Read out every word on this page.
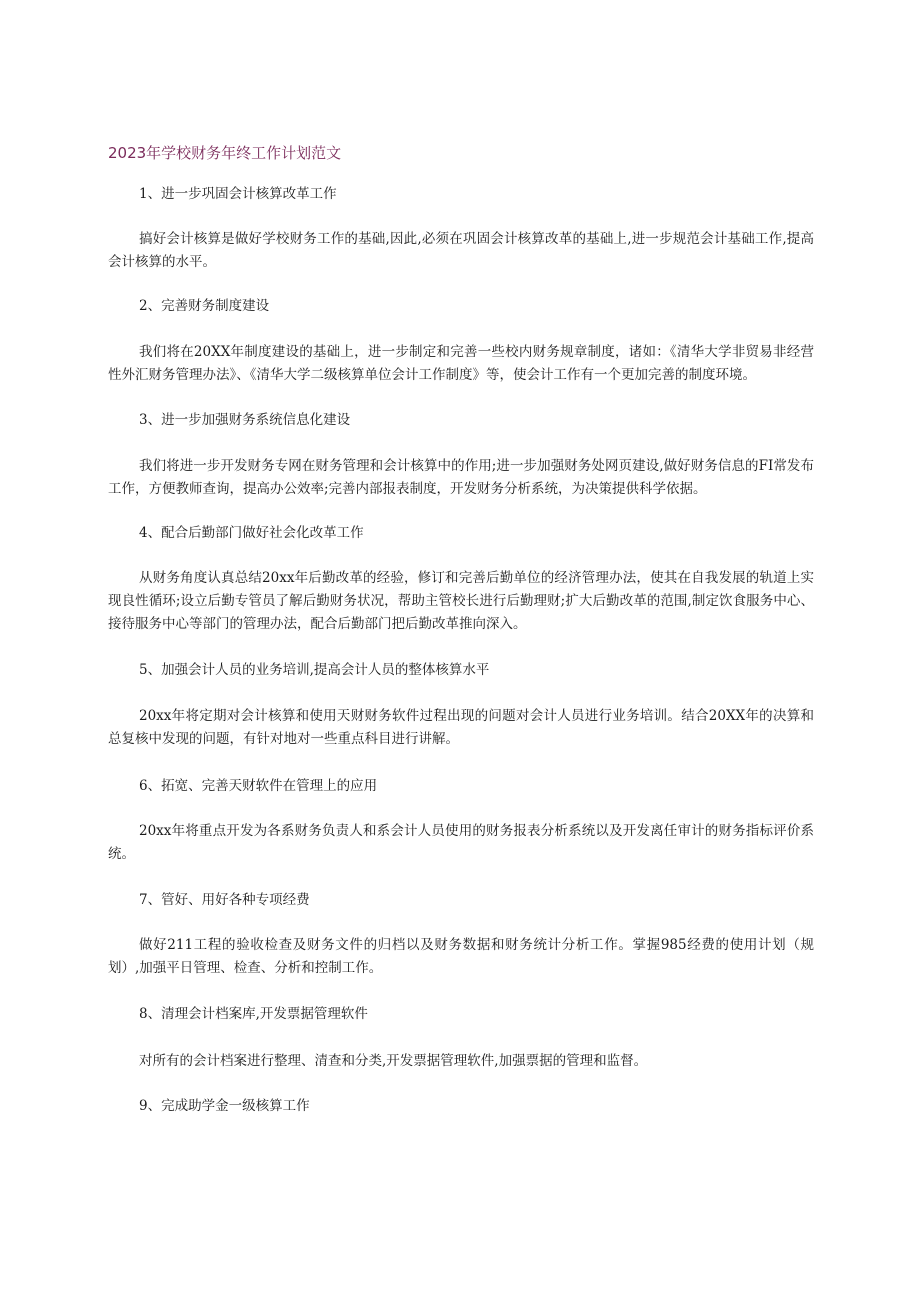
2023年学校财务年终工作计划范文
1、进一步巩固会计核算改革工作

搞好会计核算是做好学校财务工作的基础,因此,必须在巩固会计核算改革的基础上,进一步规范会计基础工作,提高会计核算的水平。

2、完善财务制度建设

我们将在20XX年制度建设的基础上，进一步制定和完善一些校内财务规章制度，诸如：《清华大学非贸易非经营性外汇财务管理办法》、《清华大学二级核算单位会计工作制度》等，使会计工作有一个更加完善的制度环境。

3、进一步加强财务系统信息化建设

我们将进一步开发财务专网在财务管理和会计核算中的作用;进一步加强财务处网页建设,做好财务信息的FI常发布工作，方便教师查询，提高办公效率;完善内部报表制度，开发财务分析系统，为决策提供科学依据。

4、配合后勤部门做好社会化改革工作

从财务角度认真总结20xx年后勤改革的经验，修订和完善后勤单位的经济管理办法，使其在自我发展的轨道上实现良性循环;设立后勤专管员了解后勤财务状况，帮助主管校长进行后勤理财;扩大后勤改革的范围,制定饮食服务中心、接待服务中心等部门的管理办法，配合后勤部门把后勤改革推向深入。

5、加强会计人员的业务培训,提高会计人员的整体核算水平

20xx年将定期对会计核算和使用天财财务软件过程出现的问题对会计人员进行业务培训。结合20XX年的决算和总复核中发现的问题，有针对地对一些重点科目进行讲解。

6、拓宽、完善天财软件在管理上的应用

20xx年将重点开发为各系财务负责人和系会计人员使用的财务报表分析系统以及开发离任审计的财务指标评价系统。

7、管好、用好各种专项经费

做好211工程的验收检查及财务文件的归档以及财务数据和财务统计分析工作。掌握985经费的使用计划（规划）,加强平日管理、检查、分析和控制工作。

8、清理会计档案库,开发票据管理软件

对所有的会计档案进行整理、清查和分类,开发票据管理软件,加强票据的管理和监督。

9、完成助学金一级核算工作
